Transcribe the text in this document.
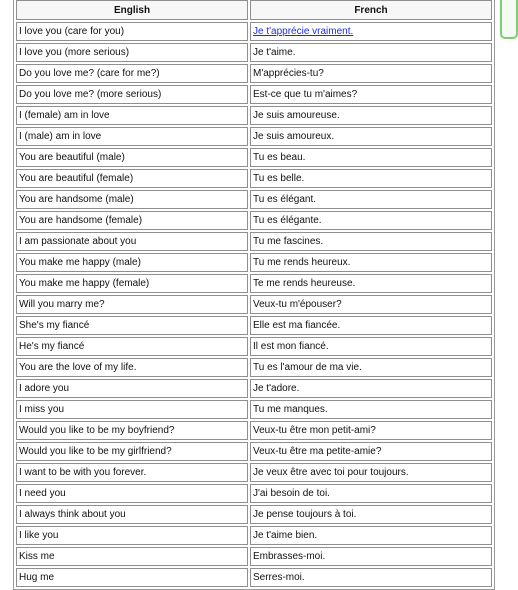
English	French
I love you (care for you)	Je t'apprécie vraiment.
I love you (more serious)	Je t'aime.
Do you love me? (care for me?)	M'apprécies-tu?
Do you love me? (more serious)	Est-ce que tu m'aimes?
I (female) am in love	Je suis amoureuse.
I (male) am in love	Je suis amoureux.
You are beautiful (male)	Tu es beau.
You are beautiful (female)	Tu es belle.
You are handsome (male)	Tu es élégant.
You are handsome (female)	Tu es élégante.
I am passionate about you	Tu me fascines.
You make me happy (male)	Tu me rends heureux.
You make me happy (female)	Te me rends heureuse.
Will you marry me?	Veux-tu m'épouser?
She's my fiancé	Elle est ma fiancée.
He's my fiancé	Il est mon fiancé.
You are the love of my life.	Tu es l'amour de ma vie.
I adore you	Je t'adore.
I miss you	Tu me manques.
Would you like to be my boyfriend?	Veux-tu être mon petit-ami?
Would you like to be my girlfriend?	Veux-tu être ma petite-amie?
I want to be with you forever.	Je veux être avec toi pour toujours.
I need you	J'ai besoin de toi.
I always think about you	Je pense toujours à toi.
I like you	Je t'aime bien.
Kiss me	Embrasses-moi.
Hug me	Serres-moi.
